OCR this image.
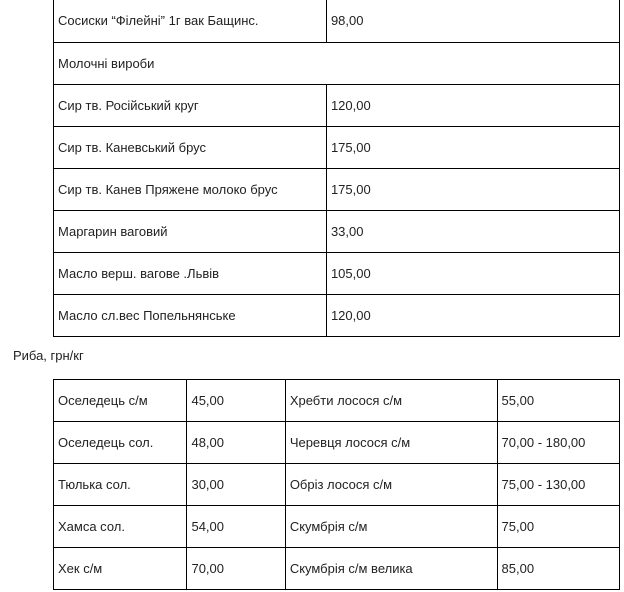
Сосиски “Філейні” 1г вак Бащинс.	98,00
Молочні вироби	
Сир тв. Російський круг	120,00
Сир тв. Каневський брус	175,00
Сир тв. Канев Пряжене молоко брус	175,00
Маргарин ваговий	33,00
Масло верш. вагове .Львів	105,00
Масло сл.вес Попельнянське	120,00
Риба, грн/кг
Оселедець с/м	45,00	Хребти лосося с/м	55,00
Оселедець сол.	48,00	Черевця лосося с/м	70,00 - 180,00
Тюлька сол.	30,00	Обріз лосося с/м	75,00 - 130,00
Хамса сол.	54,00	Скумбрія с/м	75,00
Хек с/м	70,00	Скумбрія с/м велика	85,00
